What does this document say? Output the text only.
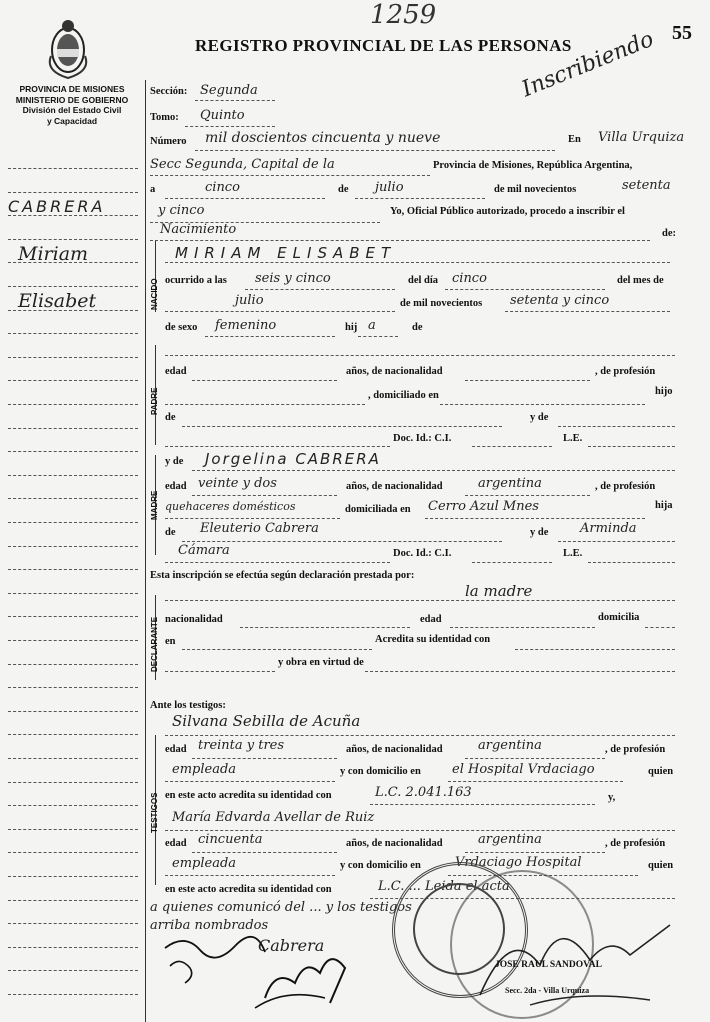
PROVINCIA DE MISIONES
MINISTERIO DE GOBIERNO
División del Estado Civil
y Capacidad
1259
REGISTRO PROVINCIAL DE LAS PERSONAS
55
Inscribiendo
CABRERA
Miriam
Elisabet
Sección: Segunda
Tomo: Quinto
Número mil doscientos cincuenta y nueve	En Villa Urquiza
Secc Segunda, Capital de la	Provincia de Misiones, República Argentina,
a	cinco	de julio	de mil novecientos	setenta
y cinco	Yo, Oficial Público autorizado, procedo a inscribir el
Nacimiento	de:
NACIDO
MIRIAM ELISABET
ocurrido a las seis y cinco	del día cinco	del mes de
julio	de mil novecientos setenta y cinco
de sexo femenino	hij a	de
PADRE
edad	años, de nacionalidad	, de profesión
, domiciliado en	hijo
de	y de
Doc. Id.: C.I.	L.E.
MADRE
y de Jorgelina CABRERA
edad veinte y dos	años, de nacionalidad	argentina	, de profesión
quehaceres domésticos	domiciliada en Cerro Azul Mnes	hija
de Eleuterio Cabrera	y de Arminda
Cámara	Doc. Id.: C.I.	L.E.
Esta inscripción se efectúa según declaración prestada por:
la madre
DECLARANTE nacionalidad	edad	domicilia
en	Acredita su identidad con
y obra en virtud de
Ante los testigos:
TESTIGOS
Silvana Sebilla de Acuña
edad treinta y tres	años, de nacionalidad	argentina	, de profesión
empleada	y con domicilio en el Hospital Vrdaciago	quien
en este acto acredita su identidad con	L.C. 2.041.163	y,
María Edvarda Avellar de Ruiz
edad cincuenta	años, de nacionalidad	argentina	, de profesión
empleada	y con domicilio en	Vrdaciago Hospital	quien
en este acto acredita su identidad con	L.C. ... Leida el acta
a quienes comunicó del ... y los testigos
arriba nombrados
Cabrera
JOSE RAUL SANDOVAL
Secc. 2da - Villa Urquiza
